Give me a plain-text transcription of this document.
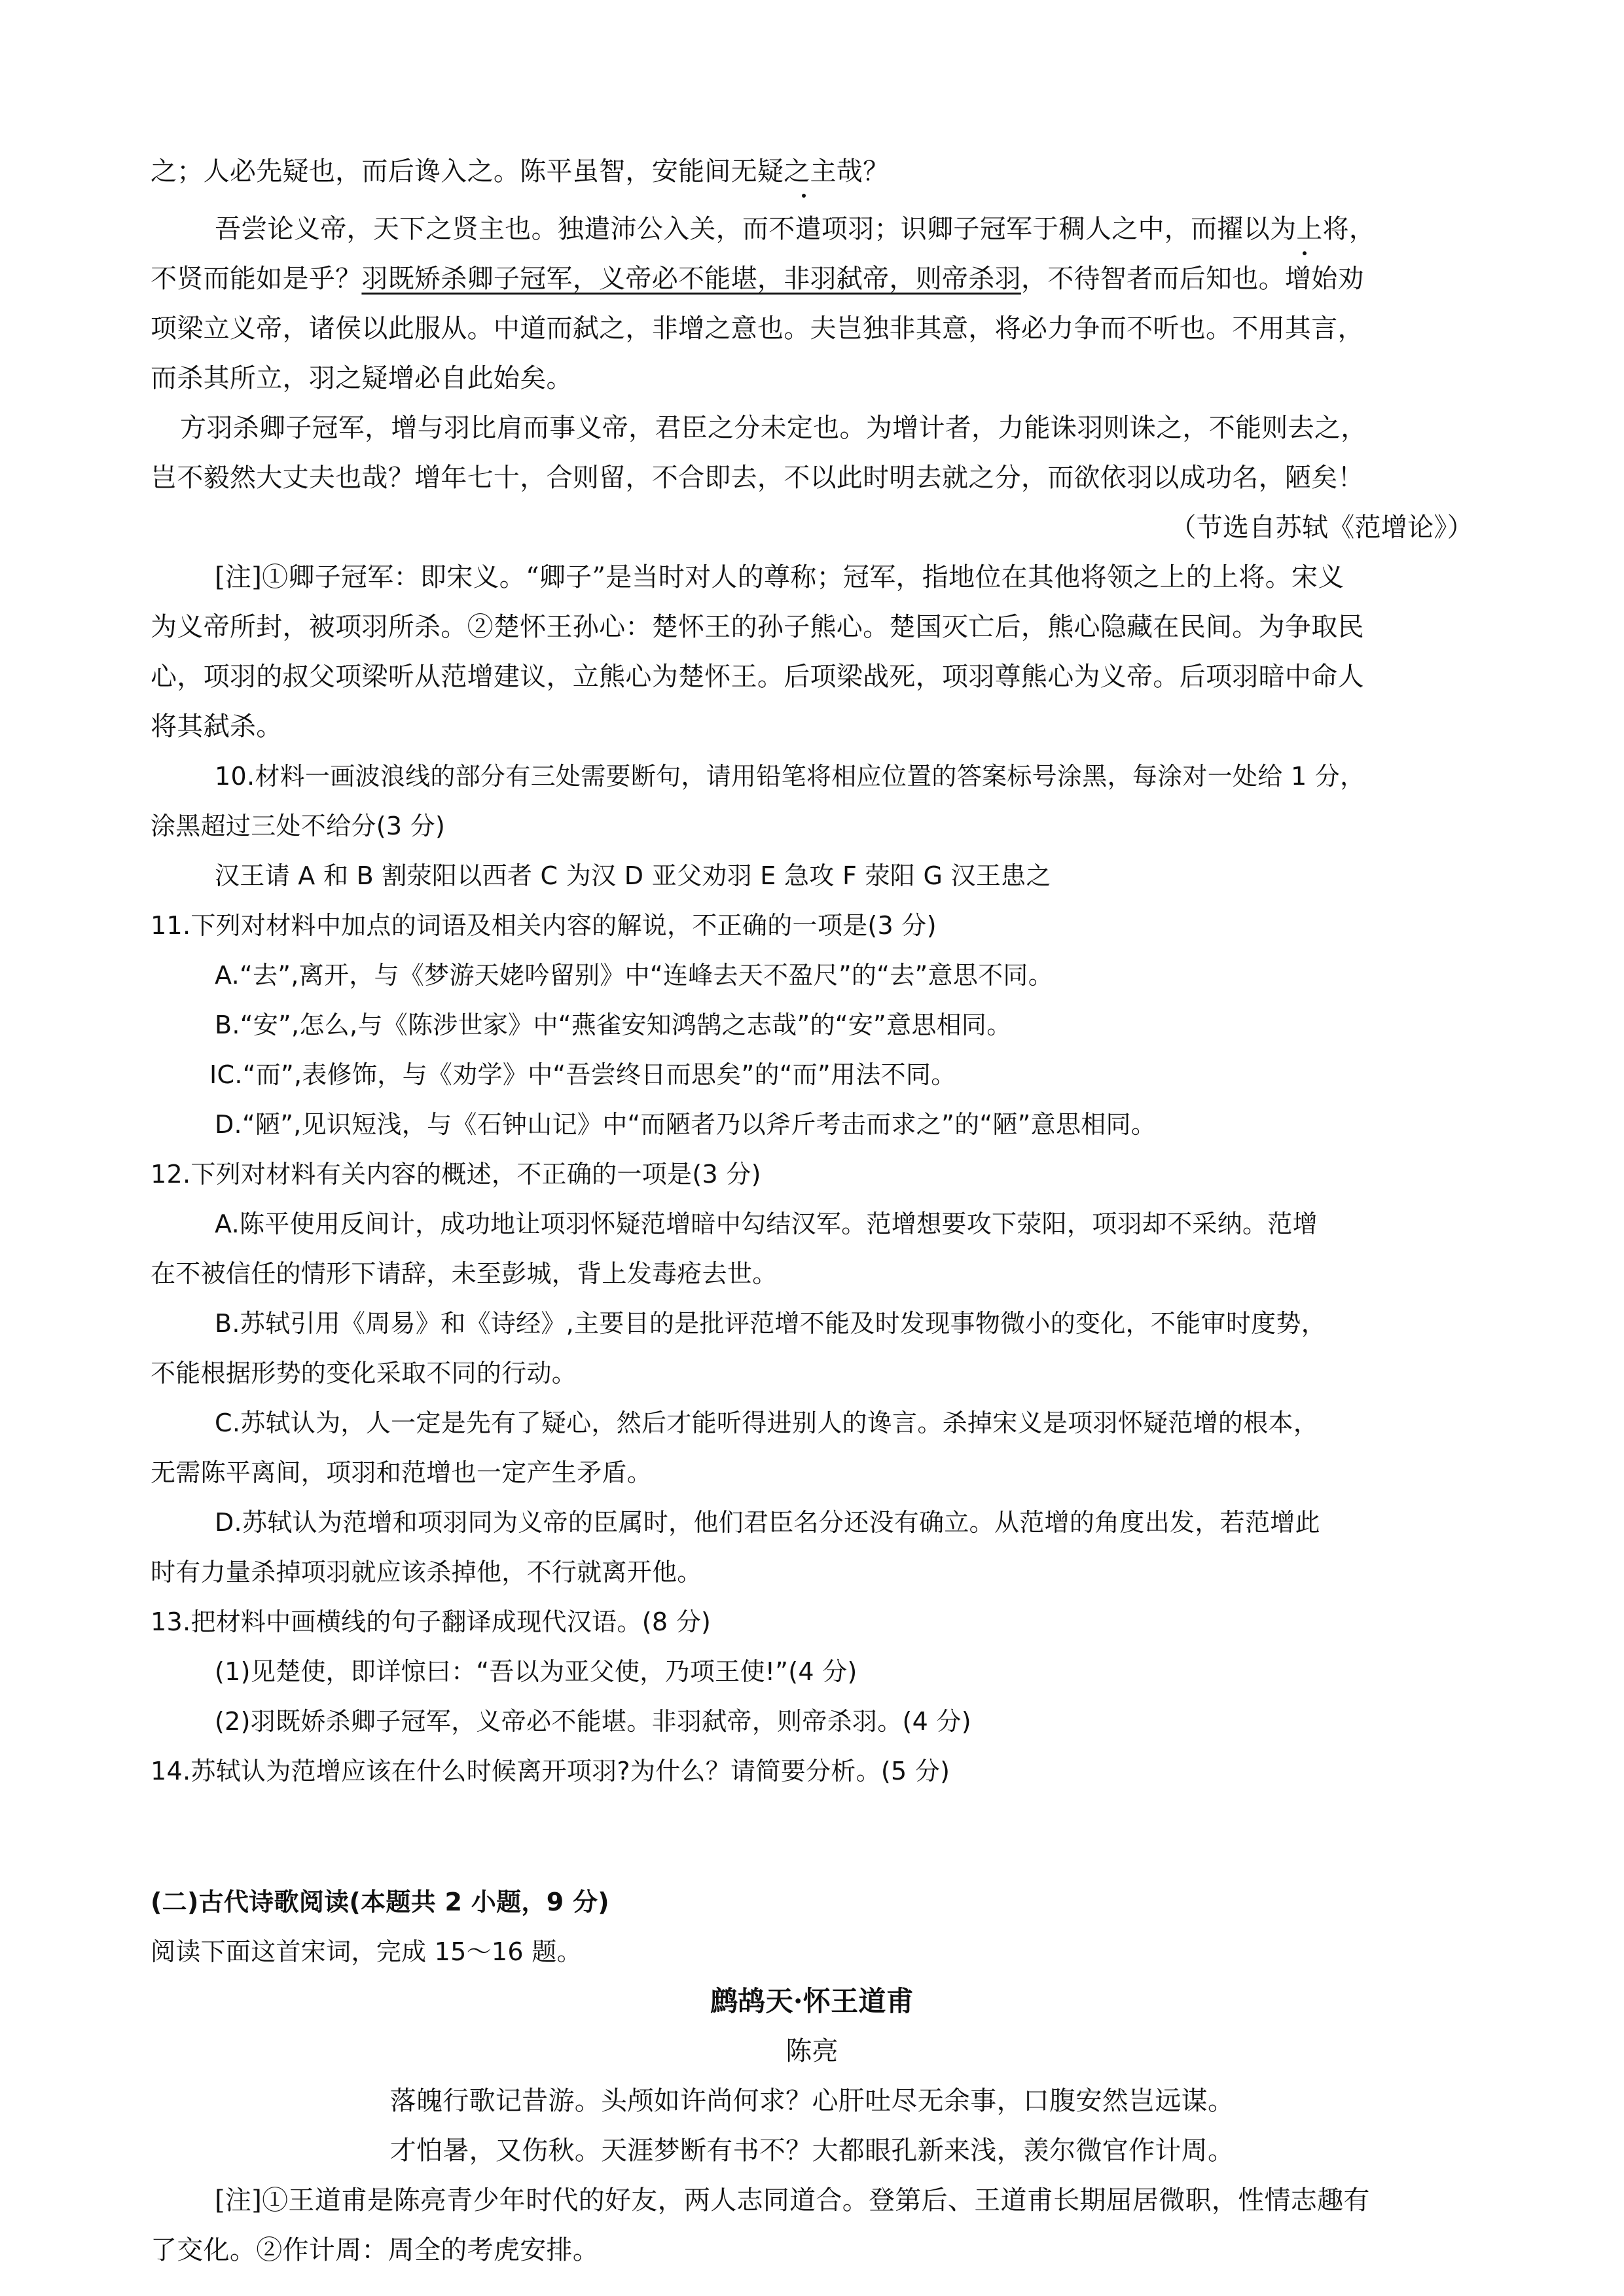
之；人必先疑也，而后谗入之。陈平虽智，安能间无疑之主哉？
吾尝论义帝，天下之贤主也。独遣沛公入关，而不遣项羽；识卿子冠军于稠人之中，而擢以为上将，
不贤而能如是乎？羽既矫杀卿子冠军，义帝必不能堪，非羽弑帝，则帝杀羽，不待智者而后知也。增始劝
项梁立义帝，诸侯以此服从。中道而弑之，非增之意也。夫岂独非其意，将必力争而不听也。不用其言，
而杀其所立，羽之疑增必自此始矣。
方羽杀卿子冠军，增与羽比肩而事义帝，君臣之分未定也。为增计者，力能诛羽则诛之，不能则去之，
岂不毅然大丈夫也哉？增年七十，合则留，不合即去，不以此时明去就之分，而欲依羽以成功名，陋矣！
（节选自苏轼《范增论》）
[注]①卿子冠军：即宋义。“卿子”是当时对人的尊称；冠军，指地位在其他将领之上的上将。宋义
为义帝所封，被项羽所杀。②楚怀王孙心：楚怀王的孙子熊心。楚国灭亡后，熊心隐藏在民间。为争取民
心，项羽的叔父项梁听从范增建议，立熊心为楚怀王。后项梁战死，项羽尊熊心为义帝。后项羽暗中命人
将其弑杀。
10.材料一画波浪线的部分有三处需要断句，请用铅笔将相应位置的答案标号涂黑，每涂对一处给 1 分，
涂黑超过三处不给分(3 分)
汉王请 A 和 B 割荥阳以西者 C 为汉 D 亚父劝羽 E 急攻 F 荥阳 G 汉王患之
11.下列对材料中加点的词语及相关内容的解说，不正确的一项是(3 分)
A.“去”,离开，与《梦游天姥吟留别》中“连峰去天不盈尺”的“去”意思不同。
B.“安”,怎么,与《陈涉世家》中“燕雀安知鸿鹄之志哉”的“安”意思相同。
IC.“而”,表修饰，与《劝学》中“吾尝终日而思矣”的“而”用法不同。
D.“陋”,见识短浅，与《石钟山记》中“而陋者乃以斧斤考击而求之”的“陋”意思相同。
12.下列对材料有关内容的概述，不正确的一项是(3 分)
A.陈平使用反间计，成功地让项羽怀疑范增暗中勾结汉军。范增想要攻下荥阳，项羽却不采纳。范增
在不被信任的情形下请辞，未至彭城，背上发毒疮去世。
B.苏轼引用《周易》和《诗经》,主要目的是批评范增不能及时发现事物微小的变化，不能审时度势，
不能根据形势的变化采取不同的行动。
C.苏轼认为，人一定是先有了疑心，然后才能听得进别人的谗言。杀掉宋义是项羽怀疑范增的根本，
无需陈平离间，项羽和范增也一定产生矛盾。
D.苏轼认为范增和项羽同为义帝的臣属时，他们君臣名分还没有确立。从范增的角度出发，若范增此
时有力量杀掉项羽就应该杀掉他，不行就离开他。
13.把材料中画横线的句子翻译成现代汉语。(8 分)
(1)见楚使，即详惊曰：“吾以为亚父使，乃项王使!”(4 分)
(2)羽既娇杀卿子冠军，义帝必不能堪。非羽弑帝，则帝杀羽。(4 分)
14.苏轼认为范增应该在什么时候离开项羽?为什么？请简要分析。(5 分)
(二)古代诗歌阅读(本题共 2 小题，9 分)
阅读下面这首宋词，完成 15～16 题。
鹧鸪天·怀王道甫
陈亮
落魄行歌记昔游。头颅如许尚何求？心肝吐尽无余事，口腹安然岂远谋。
才怕暑，又伤秋。天涯梦断有书不？大都眼孔新来浅，羡尔微官作计周。
[注]①王道甫是陈亮青少年时代的好友，两人志同道合。登第后、王道甫长期屈居微职，性情志趣有
了交化。②作计周：周全的考虎安排。
